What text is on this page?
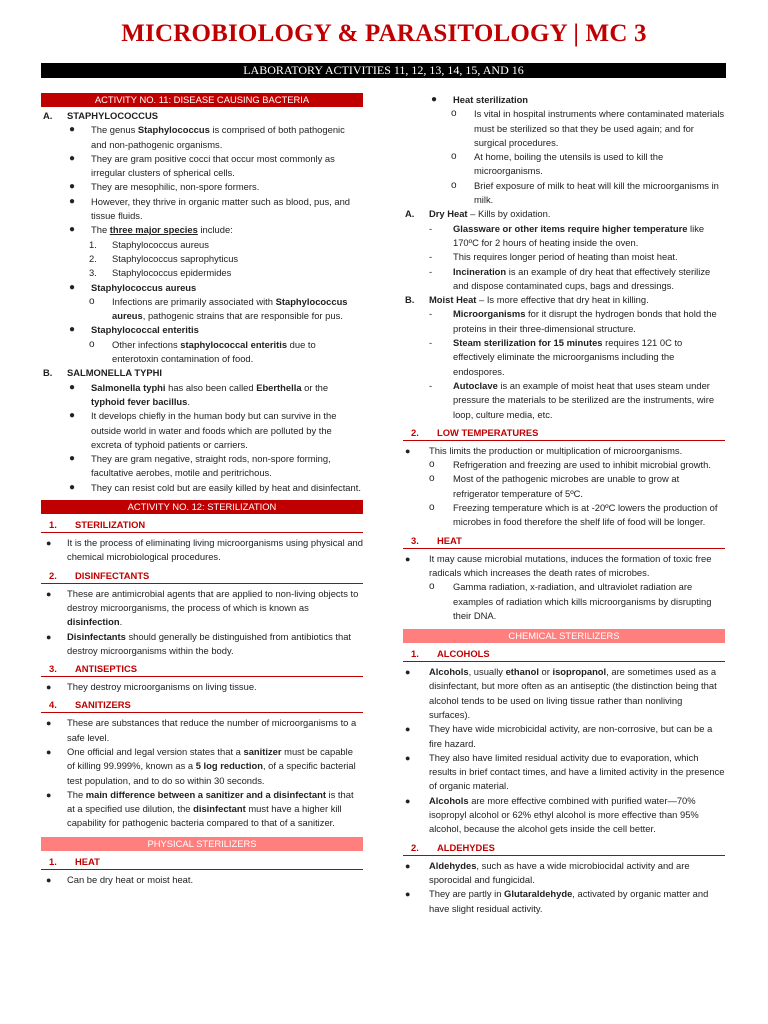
MICROBIOLOGY & PARASITOLOGY | MC 3
LABORATORY ACTIVITIES 11, 12, 13, 14, 15, AND 16
ACTIVITY NO. 11: DISEASE CAUSING BACTERIA
A. STAPHYLOCOCCUS
●	The genus Staphylococcus is comprised of both pathogenic and non-pathogenic organisms.
●	They are gram positive cocci that occur most commonly as irregular clusters of spherical cells.
●	They are mesophilic, non-spore formers.
●	However, they thrive in organic matter such as blood, pus, and tissue fluids.
●	The three major species include:
1.	Staphylococcus aureus
2.	Staphylococcus saprophyticus
3.	Staphylococcus epidermides
●	Staphylococcus aureus
o	Infections are primarily associated with Staphylococcus aureus, pathogenic strains that are responsible for pus.
●	Staphylococcal enteritis
o	Other infections staphylococcal enteritis due to enterotoxin contamination of food.
B. SALMONELLA TYPHI
●	Salmonella typhi has also been called Eberthella or the typhoid fever bacillus.
●	It develops chiefly in the human body but can survive in the outside world in water and foods which are polluted by the excreta of typhoid patients or carriers.
●	They are gram negative, straight rods, non-spore forming, facultative aerobes, motile and peritrichous.
●	They can resist cold but are easily killed by heat and disinfectant.
ACTIVITY NO. 12: STERILIZATION
1. STERILIZATION
●	It is the process of eliminating living microorganisms using physical and chemical microbiological procedures.
2. DISINFECTANTS
●	These are antimicrobial agents that are applied to non-living objects to destroy microorganisms, the process of which is known as disinfection.
●	Disinfectants should generally be distinguished from antibiotics that destroy microorganisms within the body.
3. ANTISEPTICS
●	They destroy microorganisms on living tissue.
4. SANITIZERS
●	These are substances that reduce the number of microorganisms to a safe level.
●	One official and legal version states that a sanitizer must be capable of killing 99.999%, known as a 5 log reduction, of a specific bacterial test population, and to do so within 30 seconds.
●	The main difference between a sanitizer and a disinfectant is that at a specified use dilution, the disinfectant must have a higher kill capability for pathogenic bacteria compared to that of a sanitizer.
PHYSICAL STERILIZERS
1. HEAT
●	Can be dry heat or moist heat.
●	Heat sterilization
o	Is vital in hospital instruments where contaminated materials must be sterilized so that they be used again; and for surgical procedures.
o	At home, boiling the utensils is used to kill the microorganisms.
o	Brief exposure of milk to heat will kill the microorganisms in milk.
A. Dry Heat – Kills by oxidation.
-	Glassware or other items require higher temperature like 170ºC for 2 hours of heating inside the oven.
-	This requires longer period of heating than moist heat.
-	Incineration is an example of dry heat that effectively sterilize and dispose contaminated cups, bags and dressings.
B. Moist Heat – Is more effective that dry heat in killing.
-	Microorganisms for it disrupt the hydrogen bonds that hold the proteins in their three-dimensional structure.
-	Steam sterilization for 15 minutes requires 121 0C to effectively eliminate the microorganisms including the endospores.
-	Autoclave is an example of moist heat that uses steam under pressure the materials to be sterilized are the instruments, wire loop, culture media, etc.
2. LOW TEMPERATURES
●	This limits the production or multiplication of microorganisms.
o	Refrigeration and freezing are used to inhibit microbial growth.
o	Most of the pathogenic microbes are unable to grow at refrigerator temperature of 5ºC.
o	Freezing temperature which is at -20ºC lowers the production of microbes in food therefore the shelf life of food will be longer.
3. HEAT
●	It may cause microbial mutations, induces the formation of toxic free radicals which increases the death rates of microbes.
o	Gamma radiation, x-radiation, and ultraviolet radiation are examples of radiation which kills microorganisms by disrupting their DNA.
CHEMICAL STERILIZERS
1. ALCOHOLS
●	Alcohols, usually ethanol or isopropanol, are sometimes used as a disinfectant, but more often as an antiseptic (the distinction being that alcohol tends to be used on living tissue rather than nonliving surfaces).
●	They have wide microbicidal activity, are non-corrosive, but can be a fire hazard.
●	They also have limited residual activity due to evaporation, which results in brief contact times, and have a limited activity in the presence of organic material.
●	Alcohols are more effective combined with purified water—70% isopropyl alcohol or 62% ethyl alcohol is more effective than 95% alcohol, because the alcohol gets inside the cell better.
2. ALDEHYDES
●	Aldehydes, such as have a wide microbiocidal activity and are sporocidal and fungicidal.
●	They are partly in Glutaraldehyde, activated by organic matter and have slight residual activity.
